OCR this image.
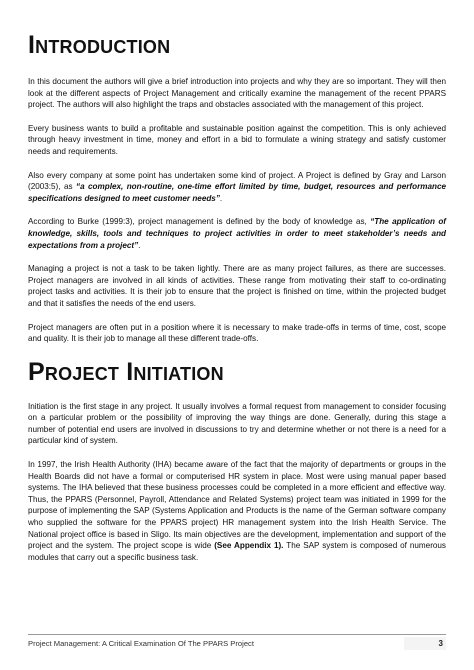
Introduction

In this document the authors will give a brief introduction into projects and why they are so important. They will then look at the different aspects of Project Management and critically examine the management of the recent PPARS project. The authors will also highlight the traps and obstacles associated with the management of this project.

Every business wants to build a profitable and sustainable position against the competition. This is only achieved through heavy investment in time, money and effort in a bid to formulate a wining strategy and satisfy customer needs and requirements.

Also every company at some point has undertaken some kind of project. A Project is defined by Gray and Larson (2003:5), as “a complex, non-routine, one-time effort limited by time, budget, resources and performance specifications designed to meet customer needs”.

According to Burke (1999:3), project management is defined by the body of knowledge as, “The application of knowledge, skills, tools and techniques to project activities in order to meet stakeholder’s needs and expectations from a project”.

Managing a project is not a task to be taken lightly. There are as many project failures, as there are successes. Project managers are involved in all kinds of activities. These range from motivating their staff to co-ordinating project tasks and activities. It is their job to ensure that the project is finished on time, within the projected budget and that it satisfies the needs of the end users.

Project managers are often put in a position where it is necessary to make trade-offs in terms of time, cost, scope and quality. It is their job to manage all these different trade-offs.

Project Initiation

Initiation is the first stage in any project. It usually involves a formal request from management to consider focusing on a particular problem or the possibility of improving the way things are done. Generally, during this stage a number of potential end users are involved in discussions to try and determine whether or not there is a need for a particular kind of system.

In 1997, the Irish Health Authority (IHA) became aware of the fact that the majority of departments or groups in the Health Boards did not have a formal or computerised HR system in place. Most were using manual paper based systems. The IHA believed that these business processes could be completed in a more efficient and effective way. Thus, the PPARS (Personnel, Payroll, Attendance and Related Systems) project team was initiated in 1999 for the purpose of implementing the SAP (Systems Application and Products is the name of the German software company who supplied the software for the PPARS project) HR management system into the Irish Health Service. The National project office is based in Sligo. Its main objectives are the development, implementation and support of the project and the system. The project scope is wide (See Appendix 1). The SAP system is composed of numerous modules that carry out a specific business task.

Project Management: A Critical Examination Of The PPARS Project	3
